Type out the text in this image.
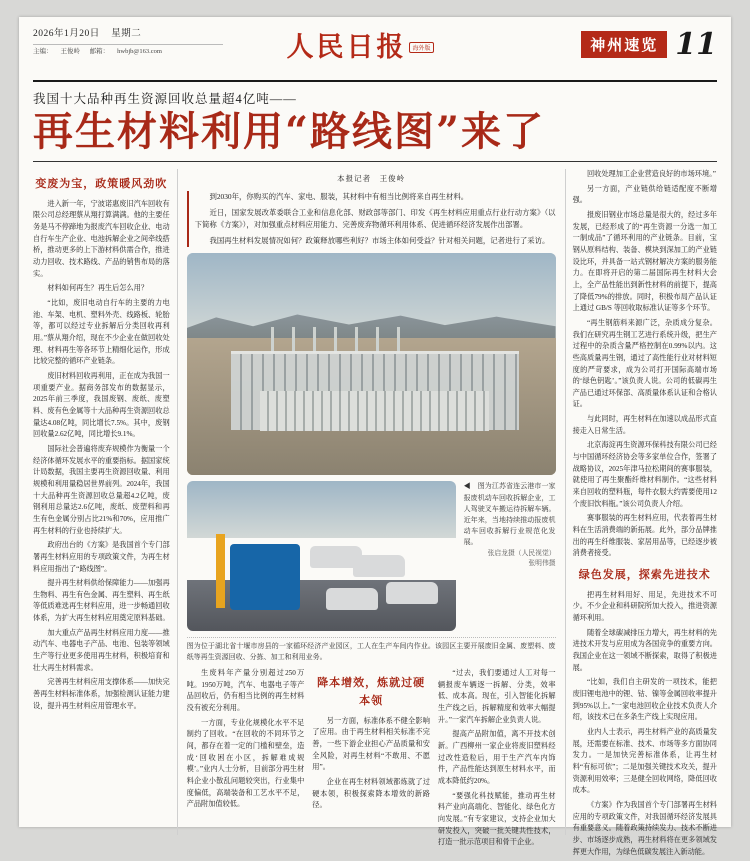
2026年1月20日 星期二
主编： 王俊岭 邮箱： hwbjb@163.com	人民日报 海外版	神州速览 11
我国十大品种再生资源回收总量超4亿吨——
再生材料利用“路线图”来了
变废为宝，政策暖风劲吹

进入新一年，宁波诺惠废旧汽车回收有限公司总经理蔡从翔打算满满。他的主要任务是马不停蹄地为报废汽车回收企业、电动自行车生产企业、电池拆解企业之间牵线搭桥，推动更多的上下游材料供需合作，推进动力回收、技术路线、产品的销售布局的落实。

材料如何再生？再生后怎么用？

“比如，废旧电动自行车的主要的力电池、车架、电机、塑料外壳、线路板、轮胎等，都可以经过专业拆解后分类回收再利用。”蔡从翔介绍，现在不少企业在做回收处理、材料再生等各环节上精细化运作，形成比较完整的循环产业链条。

废旧材料回收再利用，正在成为我国一项重要产业。据商务部发布的数据显示，2025年前三季度，我国废钢、废纸、废塑料、废有色金属等十大品种再生资源回收总量达4.08亿吨，同比增长7.5%。其中，废钢回收量2.62亿吨，同比增长9.1%。

国际社会普遍将废弃规模作为衡量一个经济体循环发展水平的重要指标。据国家统计局数据，我国主要再生资源回收量、利用规模和利用量稳居世界前列。2024年，我国十大品种再生资源回收总量超4.2亿吨，废钢利用总量达2.6亿吨，废纸、废塑料和再生有色金属分别占比21%和70%，应用推广再生材料的行业也持续扩大。

政府出台的《方案》是我国首个专门部署再生材料应用的专项政策文件，为再生材料应用指出了“路线图”。

提升再生材料供给保障能力——加强再生物料、再生有色金属、再生塑料、再生纸等低质难选再生材料应用，进一步畅通回收体系，为扩大再生材料应用奠定原料基础。

加大重点产品再生材料应用力度——推动汽车、电器电子产品、电池、包装等领域生产等行业更多使用再生材料，积极培育和壮大再生材料需求。

完善再生材料应用支撑体系——加快完善再生材料标准体系，加强检测认证能力建设，提升再生材料应用管理水平。

本报记者　王俊岭

到2030年，你购买的汽车、家电、服装，其材料中有相当比例将来自再生材料。

近日，国家发展改革委联合工业和信息化部、财政部等部门、印发《再生材料应用重点行业行动方案》（以下简称《方案》），对加强重点材料应用能力、完善废弃物循环利用体系、促进循环经济发展作出部署。

我国再生材料发展情况如何？政策释放哪些利好？市场主体如何受益？针对相关问题，记者进行了采访。

◀　图为江苏省连云港市一家报废机动车回收拆解企业，工人驾驶叉车搬运待拆解车辆。近年来，当地持续推动报废机动车回收拆解行业规范化发展。
张启龙摄（人民视觉）
张明伟摄
图为位于湖北省十堰市房县的一家循环经济产业园区，工人在生产车间内作业。该园区主要开展废旧金属、废塑料、废纸等再生资源回收、分拣、加工和利用业务。

生废料年产量分别超过250万吨。1950万吨，汽车、电器电子等产品回收后，仍有相当比例的再生材料没有被充分利用。

一方面，专业化规模化水平不足制约了回收。“在回收的不同环节之间，都存在着一定的门槛和壁垒，造成‘回收困在小区，拆解难成规模’。”业内人士分析，目前部分再生材料企业小散乱问题较突出，行业集中度偏低，高端装备和工艺水平不足，产品附加值较低。

降本增效，炼就过硬本领

另一方面，标准体系不健全影响了应用。由于再生材料相关标准不完善，一些下游企业担心产品质量和安全风险，对再生材料“不敢用、不愿用”。

企业在再生材料领域都炼就了过硬本领，积极探索降本增效的新路径。

“过去，我们要通过人工对每一辆报废车辆逐一拆解、分类，效率低、成本高。现在，引入智能化拆解生产线之后，拆解精度和效率大幅提升。”一家汽车拆解企业负责人说。

提高产品附加值，离不开技术创新。广西柳州一家企业将废旧塑料经过改性造粒后，用于生产汽车内饰件，产品性能达到原生材料水平，而成本降低约20%。

“要强化科技赋能，推动再生材料产业向高端化、智能化、绿色化方向发展。”有专家建议，支持企业加大研发投入，突破一批关键共性技术，打造一批示范项目和骨干企业。

回收处理加工企业营造良好的市场环境。”

另一方面，产业链供给链适配度不断增强。

报废旧钢业市场总量是很大的，经过多年发展，已经形成了的“再生资源一分选一加工一制成品”了循环利用的产业链条。目前，宝钢从原料结构、装备、模块到深加工的产业链设比环，并具备一站式钢材解决方案的服务能力。在即将开启的第二届国际再生材料大会上，全产品性能出到新性材料的前提下，提高了降低79%的排放。同时，积极布局产品认证上通过 GB/S 等回收取标准认证等多个环节。

“再生钢筋料来源广泛，杂质成分复杂。我们在研究再生钢工艺进行系统升级，把生产过程中的杂质含量严格控制在0.99%以内。这些高质量再生钢，通过了高性能行业对材料短度的严苛要求，成为公司打开国际高端市场的‘绿色钥匙’。”该负责人说。公司的低碳再生产品已通过环保部、高质量体系认证和合格认证。

与此同时，再生材料在加速以成品形式直接走入日常生活。

北京海淀再生资源环保科技有限公司已经与中国循环经济协会等多家单位合作，签署了战略协议，2025年津马拉松期间的赛事服装，就使用了再生聚酯纤维材料制作。“这些材料来自回收的塑料瓶，每件衣服大约需要使用12个废旧饮料瓶。”该公司负责人介绍。

赛事服装的再生材料应用，代表着再生材料在生活消费端的新拓展。此外，部分品牌推出的再生纤维服装、家居用品等，已经逐步被消费者接受。

绿色发展，探索先进技术

把再生材料用好、用足，先进技术不可少。不少企业和科研院所加大投入，推进资源循环利用。

随着全球碳减排压力增大，再生材料的先进技术开发与应用成为各国竞争的重要方向。我国企业在这一领域不断探索，取得了积极进展。

“比如，我们自主研发的一项技术，能把废旧锂电池中的锂、钴、镍等金属回收率提升到95%以上。”一家电池回收企业技术负责人介绍，该技术已在多条生产线上实现应用。

业内人士表示，再生材料产业的高质量发展，还需要在标准、技术、市场等多方面协同发力。一是加快完善标准体系，让再生材料“有标可依”；二是加强关键技术攻关，提升资源利用效率；三是健全回收网络，降低回收成本。

《方案》作为我国首个专门部署再生材料应用的专项政策文件，对我国循环经济发展具有重要意义。随着政策持续发力、技术不断进步、市场逐步成熟，再生材料将在更多领域发挥更大作用，为绿色低碳发展注入新动能。
